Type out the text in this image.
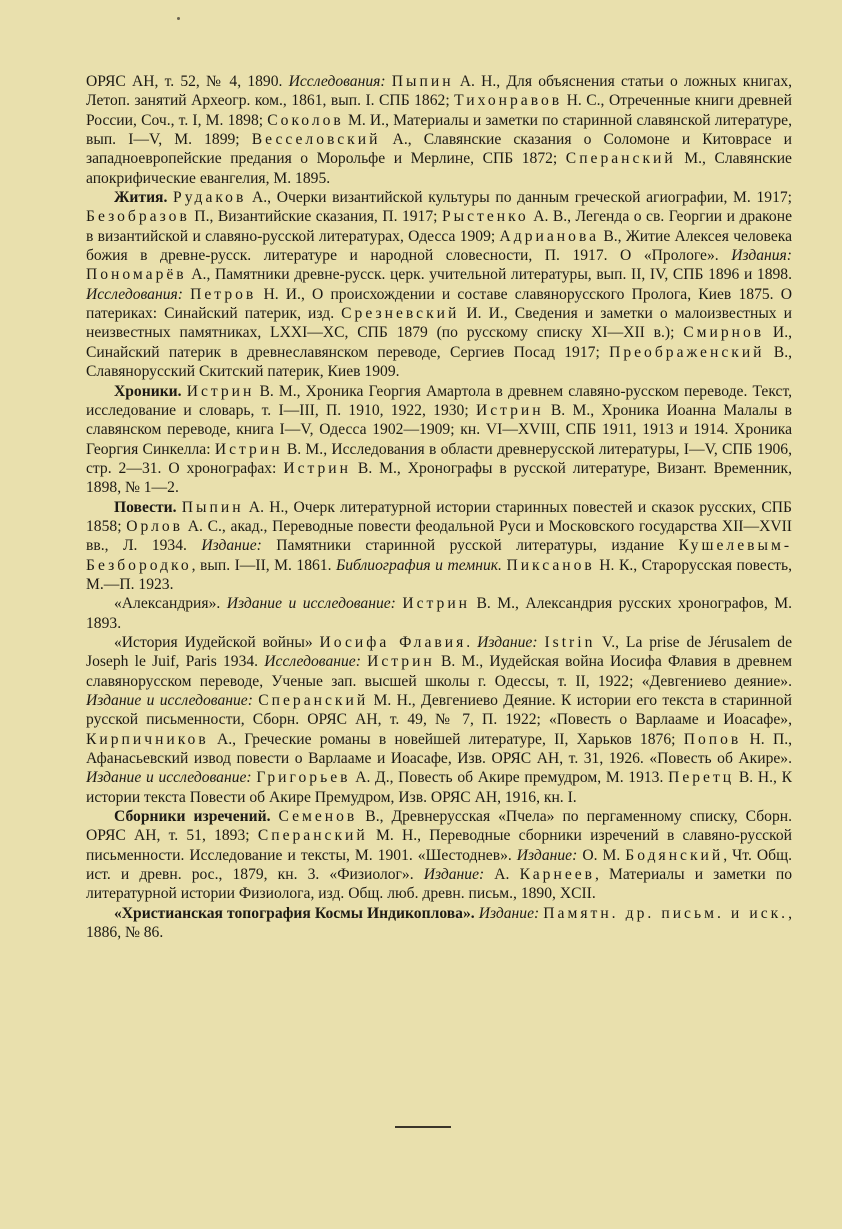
ОРЯС АН, т. 52, № 4, 1890. Исследования: Пыпин А. Н., Для объяснения статьи о ложных книгах, Летоп. занятий Археогр. ком., 1861, вып. I. СПБ 1862; Тихонравов Н. С., Отреченные книги древней России, Соч., т. I, М. 1898; Соколов М. И., Материалы и заметки по старинной славянской литературе, вып. I—V, М. 1899; Весселовский А., Славянские сказания о Соломоне и Китоврасе и западноевропейские предания о Морольфе и Мерлине, СПБ 1872; Сперанский М., Славянские апокрифические евангелия, М. 1895.

Жития. Рудаков А., Очерки византийской культуры по данным греческой агиографии, М. 1917; Безобразов П., Византийские сказания, П. 1917; Рыстенко А. В., Легенда о св. Георгии и драконе в византийской и славяно-русской литературах, Одесса 1909; Адрианова В., Житие Алексея человека божия в древне-русск. литературе и народной словесности, П. 1917. О «Прологе». Издания: Пономарёв А., Памятники древне-русск. церк. учительной литературы, вып. II, IV, СПБ 1896 и 1898. Исследования: Петров Н. И., О происхождении и составе славянорусского Пролога, Киев 1875. О патериках: Синайский патерик, изд. Срезневский И. И., Сведения и заметки о малоизвестных и неизвестных памятниках, LXXI—XC, СПБ 1879 (по русскому списку XI—XII в.); Смирнов И., Синайский патерик в древнеславянском переводе, Сергиев Посад 1917; Преображенский В., Славянорусский Скитский патерик, Киев 1909.

Хроники. Истрин В. М., Хроника Георгия Амартола в древнем славяно-русском переводе. Текст, исследование и словарь, т. I—III, П. 1910, 1922, 1930; Истрин В. М., Хроника Иоанна Малалы в славянском переводе, книга I—V, Одесса 1902—1909; кн. VI—XVIII, СПБ 1911, 1913 и 1914. Хроника Георгия Синкелла: Истрин В. М., Исследования в области древнерусской литературы, I—V, СПБ 1906, стр. 2—31. О хронографах: Истрин В. М., Хронографы в русской литературе, Визант. Временник, 1898, № 1—2.

Повести. Пыпин А. Н., Очерк литературной истории старинных повестей и сказок русских, СПБ 1858; Орлов А. С., акад., Переводные повести феодальной Руси и Московского государства XII—XVII вв., Л. 1934. Издание: Памятники старинной русской литературы, издание Кушелевым-Безбородко, вып. I—II, М. 1861. Библиография и темник. Пиксанов Н. К., Старорусская повесть, М.—П. 1923.

«Александрия». Издание и исследование: Истрин В. М., Александрия русских хронографов, М. 1893.

«История Иудейской войны» Иосифа Флавия. Издание: Istrin V., La prise de Jérusalem de Joseph le Juif, Paris 1934. Исследование: Истрин В. М., Иудейская война Иосифа Флавия в древнем славянорусском переводе, Ученые зап. высшей школы г. Одессы, т. II, 1922; «Девгениево деяние». Издание и исследование: Сперанский М. Н., Девгениево Деяние. К истории его текста в старинной русской письменности, Сборн. ОРЯС АН, т. 49, № 7, П. 1922; «Повесть о Варлааме и Иоасафе», Кирпичников А., Греческие романы в новейшей литературе, II, Харьков 1876; Попов Н. П., Афанасьевский извод повести о Варлааме и Иоасафе, Изв. ОРЯС АН, т. 31, 1926. «Повесть об Акире». Издание и исследование: Григорьев А. Д., Повесть об Акире премудром, М. 1913. Перетц В. Н., К истории текста Повести об Акире Премудром, Изв. ОРЯС АН, 1916, кн. I.

Сборники изречений. Семенов В., Древнерусская «Пчела» по пергаменному списку, Сборн. ОРЯС АН, т. 51, 1893; Сперанский М. Н., Переводные сборники изречений в славяно-русской письменности. Исследование и тексты, М. 1901. «Шестоднев». Издание: О. М. Бодянский, Чт. Общ. ист. и древн. рос., 1879, кн. 3. «Физиолог». Издание: А. Карнеев, Материалы и заметки по литературной истории Физиолога, изд. Общ. люб. древн. письм., 1890, XCII.

«Христианская топография Космы Индикоплова». Издание: Памятн. др. письм. и иск., 1886, № 86.
